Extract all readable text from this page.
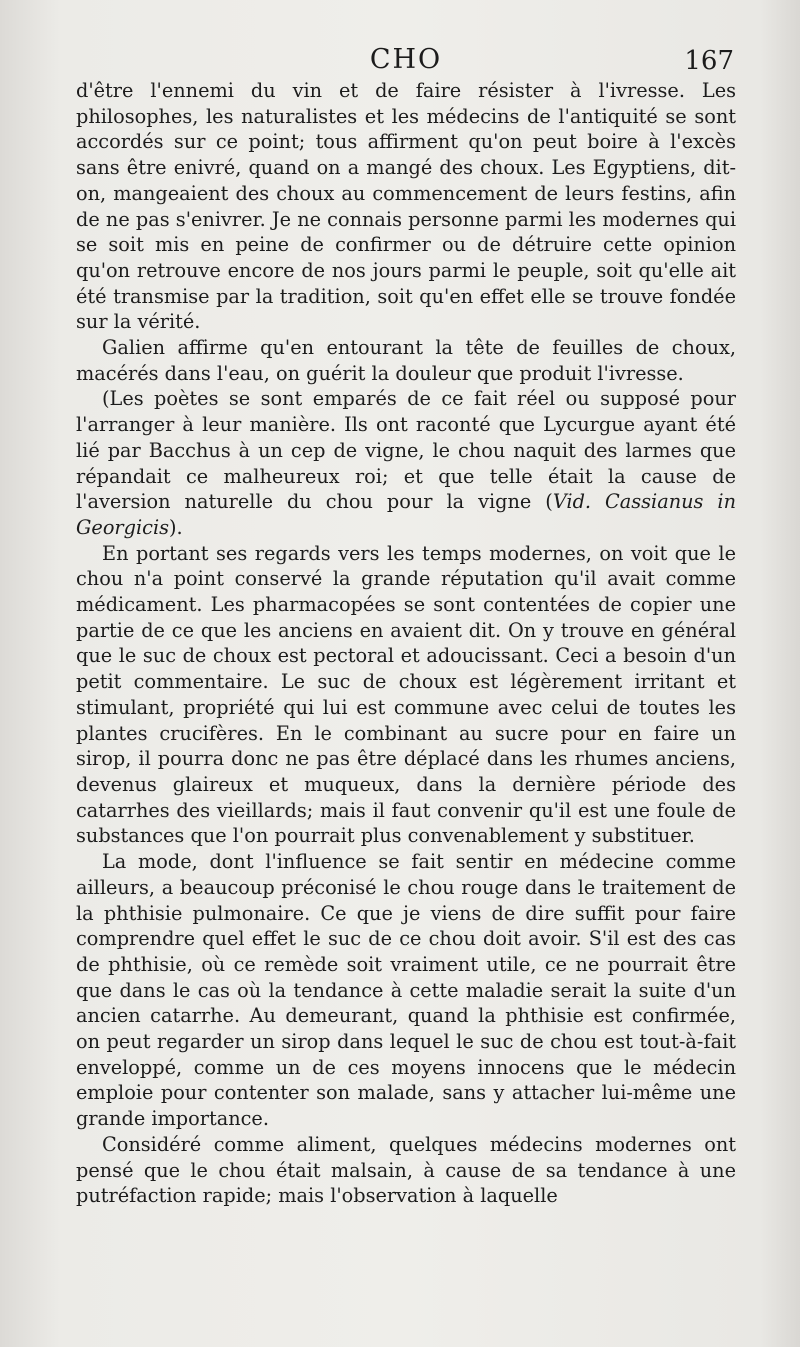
CHO	167

d'être l'ennemi du vin et de faire résister à l'ivresse. Les philosophes, les naturalistes et les médecins de l'antiquité se sont accordés sur ce point; tous affirment qu'on peut boire à l'excès sans être enivré, quand on a mangé des choux. Les Egyptiens, dit-on, mangeaient des choux au commencement de leurs festins, afin de ne pas s'enivrer. Je ne connais personne parmi les modernes qui se soit mis en peine de confirmer ou de détruire cette opinion qu'on retrouve encore de nos jours parmi le peuple, soit qu'elle ait été transmise par la tradition, soit qu'en effet elle se trouve fondée sur la vérité.

Galien affirme qu'en entourant la tête de feuilles de choux, macérés dans l'eau, on guérit la douleur que produit l'ivresse.

(Les poètes se sont emparés de ce fait réel ou supposé pour l'arranger à leur manière. Ils ont raconté que Lycurgue ayant été lié par Bacchus à un cep de vigne, le chou naquit des larmes que répandait ce malheureux roi; et que telle était la cause de l'aversion naturelle du chou pour la vigne (Vid. Cassianus in Georgicis).

En portant ses regards vers les temps modernes, on voit que le chou n'a point conservé la grande réputation qu'il avait comme médicament. Les pharmacopées se sont contentées de copier une partie de ce que les anciens en avaient dit. On y trouve en général que le suc de choux est pectoral et adoucissant. Ceci a besoin d'un petit commentaire. Le suc de choux est légèrement irritant et stimulant, propriété qui lui est commune avec celui de toutes les plantes crucifères. En le combinant au sucre pour en faire un sirop, il pourra donc ne pas être déplacé dans les rhumes anciens, devenus glaireux et muqueux, dans la dernière période des catarrhes des vieillards; mais il faut convenir qu'il est une foule de substances que l'on pourrait plus convenablement y substituer.

La mode, dont l'influence se fait sentir en médecine comme ailleurs, a beaucoup préconisé le chou rouge dans le traitement de la phthisie pulmonaire. Ce que je viens de dire suffit pour faire comprendre quel effet le suc de ce chou doit avoir. S'il est des cas de phthisie, où ce remède soit vraiment utile, ce ne pourrait être que dans le cas où la tendance à cette maladie serait la suite d'un ancien catarrhe. Au demeurant, quand la phthisie est confirmée, on peut regarder un sirop dans lequel le suc de chou est tout-à-fait enveloppé, comme un de ces moyens innocens que le médecin emploie pour contenter son malade, sans y attacher lui-même une grande importance.

Considéré comme aliment, quelques médecins modernes ont pensé que le chou était malsain, à cause de sa tendance à une putréfaction rapide; mais l'observation à laquelle
